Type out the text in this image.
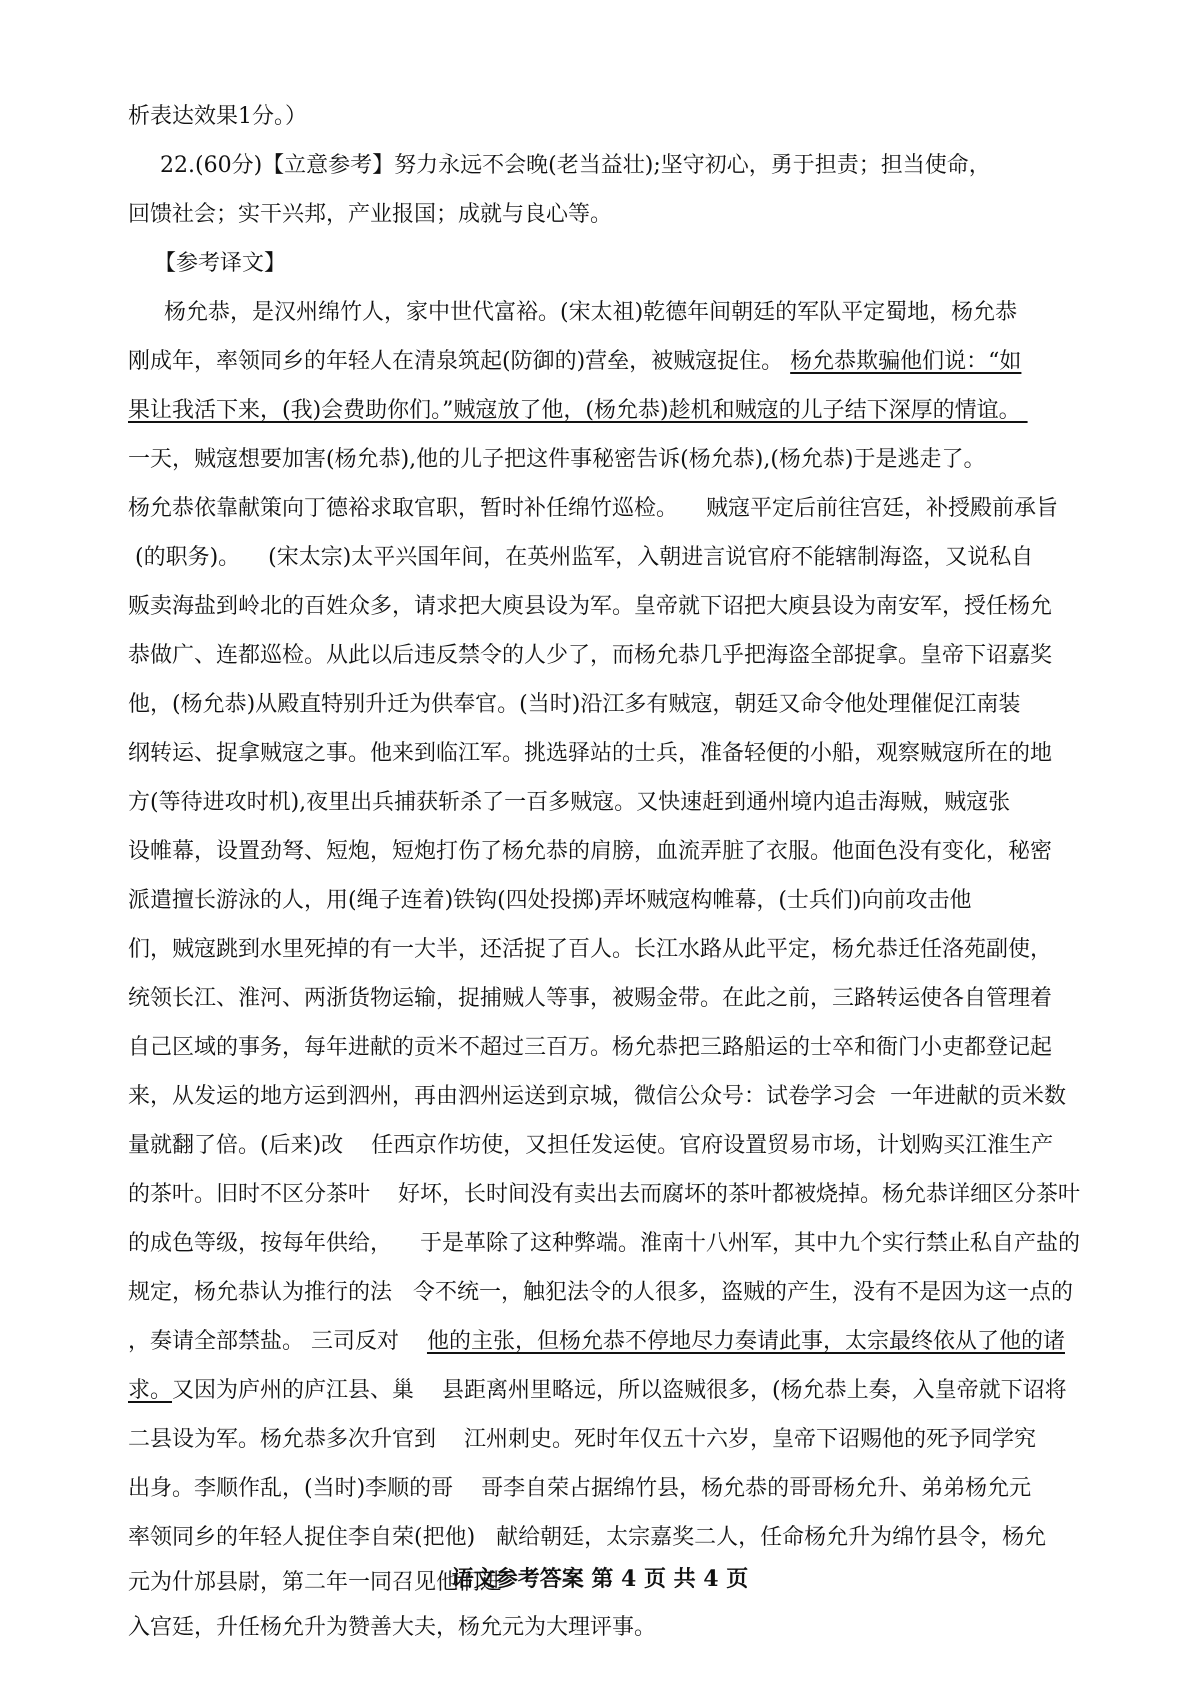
析表达效果1分。）
22.(60分)【立意参考】努力永远不会晚(老当益壮);坚守初心，勇于担责；担当使命，
回馈社会；实干兴邦，产业报国；成就与良心等。
【参考译文】
杨允恭，是汉州绵竹人，家中世代富裕。(宋太祖)乾德年间朝廷的军队平定蜀地，杨允恭
刚成年，率领同乡的年轻人在清泉筑起(防御的)营垒，被贼寇捉住。 杨允恭欺骗他们说：“如
果让我活下来，(我)会费助你们。”贼寇放了他，(杨允恭)趁机和贼寇的儿子结下深厚的情谊。
一天，贼寇想要加害(杨允恭),他的儿子把这件事秘密告诉(杨允恭),(杨允恭)于是逃走了。
杨允恭依靠献策向丁德裕求取官职，暂时补任绵竹巡检。    贼寇平定后前往宫廷，补授殿前承旨
(的职务)。    (宋太宗)太平兴国年间，在英州监军，入朝进言说官府不能辖制海盗，又说私自
贩卖海盐到岭北的百姓众多，请求把大庾县设为军。皇帝就下诏把大庾县设为南安军，授任杨允
恭做广、连都巡检。从此以后违反禁令的人少了，而杨允恭几乎把海盗全部捉拿。皇帝下诏嘉奖
他，(杨允恭)从殿直特别升迁为供奉官。(当时)沿江多有贼寇，朝廷又命令他处理催促江南装
纲转运、捉拿贼寇之事。他来到临江军。挑选驿站的士兵，准备轻便的小船，观察贼寇所在的地
方(等待进攻时机),夜里出兵捕获斩杀了一百多贼寇。又快速赶到通州境内追击海贼，贼寇张
设帷幕，设置劲弩、短炮，短炮打伤了杨允恭的肩膀，血流弄脏了衣服。他面色没有变化，秘密
派遣擅长游泳的人，用(绳子连着)铁钩(四处投掷)弄坏贼寇构帷幕，(士兵们)向前攻击他
们，贼寇跳到水里死掉的有一大半，还活捉了百人。长江水路从此平定，杨允恭迁任洛苑副使，
统领长江、淮河、两浙货物运输，捉捕贼人等事，被赐金带。在此之前，三路转运使各自管理着
自己区域的事务，每年进献的贡米不超过三百万。杨允恭把三路船运的士卒和衙门小吏都登记起
来，从发运的地方运到泗州，再由泗州运送到京城，微信公众号：试卷学习会  一年进献的贡米数
量就翻了倍。(后来)改    任西京作坊使，又担任发运使。官府设置贸易市场，计划购买江淮生产
的茶叶。旧时不区分茶叶    好坏，长时间没有卖出去而腐坏的茶叶都被烧掉。杨允恭详细区分茶叶
的成色等级，按每年供给，    于是革除了这种弊端。淮南十八州军，其中九个实行禁止私自产盐的
规定，杨允恭认为推行的法   令不统一，触犯法令的人很多，盗贼的产生，没有不是因为这一点的
，奏请全部禁盐。 三司反对    他的主张，但杨允恭不停地尽力奏请此事，太宗最终依从了他的诸
求。又因为庐州的庐江县、巢    县距离州里略远，所以盗贼很多，(杨允恭上奏，入皇帝就下诏将
二县设为军。杨允恭多次升官到    江州刺史。死时年仅五十六岁，皇帝下诏赐他的死予同学究
出身。李顺作乱，(当时)李顺的哥    哥李自荣占据绵竹县，杨允恭的哥哥杨允升、弟弟杨允元
率领同乡的年轻人捉住李自荣(把他)   献给朝廷，太宗嘉奖二人，任命杨允升为绵竹县令，杨允
元为什邡县尉，第二年一同召见他们进
入宫廷，升任杨允升为赞善大夫，杨允元为大理评事。
语文参考答案 第 4 页 共 4 页
